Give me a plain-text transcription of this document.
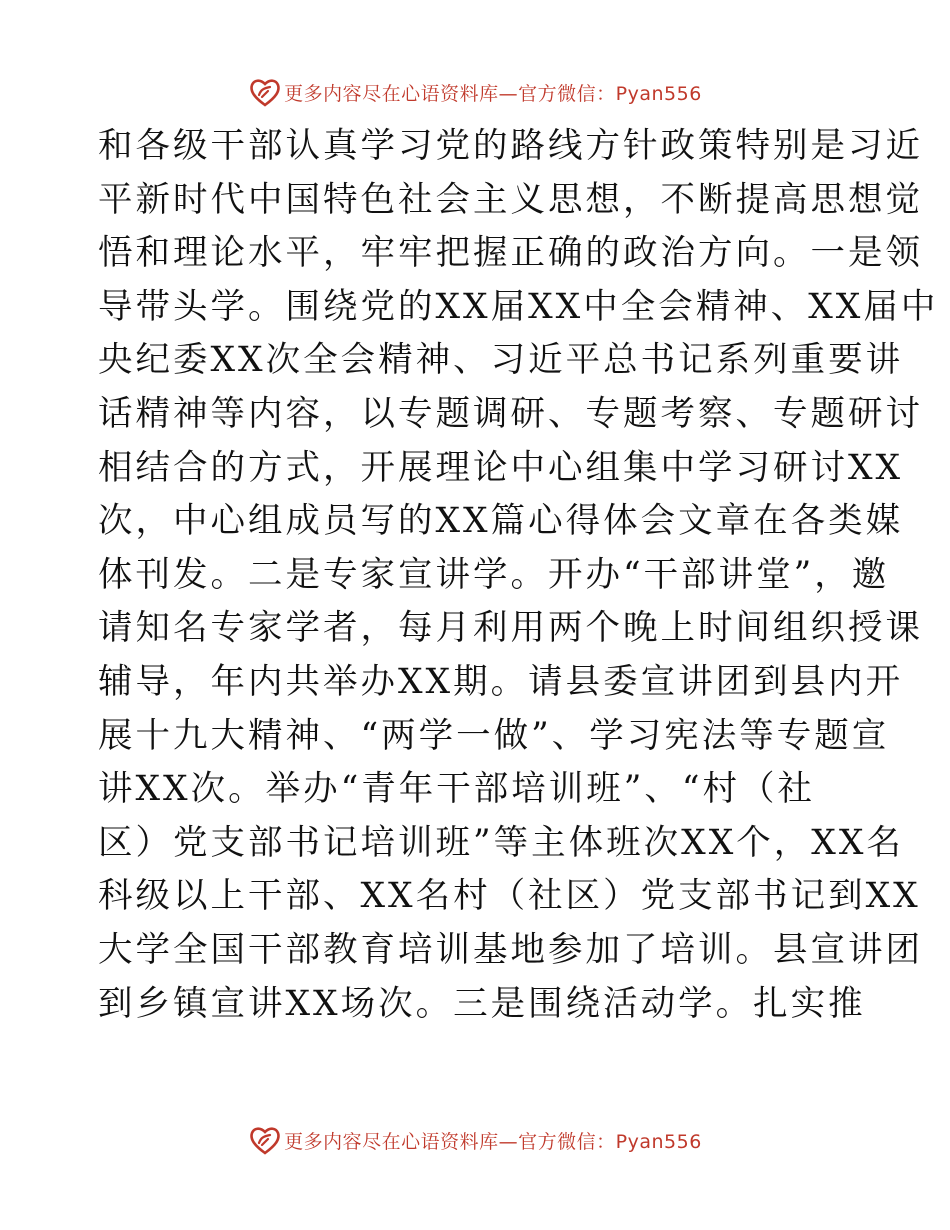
更多内容尽在心语资料库—官方微信：Pyan556
和各级干部认真学习党的路线方针政策特别是习近
平新时代中国特色社会主义思想，不断提高思想觉
悟和理论水平，牢牢把握正确的政治方向。一是领
导带头学。围绕党的XX届XX中全会精神、XX届中
央纪委XX次全会精神、习近平总书记系列重要讲
话精神等内容，以专题调研、专题考察、专题研讨
相结合的方式，开展理论中心组集中学习研讨XX
次，中心组成员写的XX篇心得体会文章在各类媒
体刊发。二是专家宣讲学。开办“干部讲堂”，邀
请知名专家学者，每月利用两个晚上时间组织授课
辅导，年内共举办XX期。请县委宣讲团到县内开
展十九大精神、“两学一做”、学习宪法等专题宣
讲XX次。举办“青年干部培训班”、“村（社
区）党支部书记培训班”等主体班次XX个，XX名
科级以上干部、XX名村（社区）党支部书记到XX
大学全国干部教育培训基地参加了培训。县宣讲团
到乡镇宣讲XX场次。三是围绕活动学。扎实推
更多内容尽在心语资料库—官方微信：Pyan556
